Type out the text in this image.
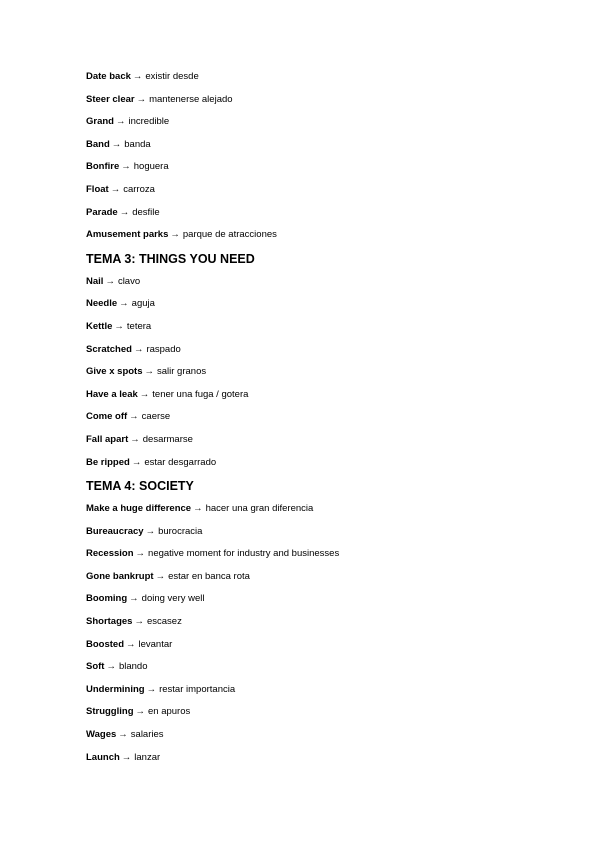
Date back → existir desde
Steer clear → mantenerse alejado
Grand → incredible
Band → banda
Bonfire → hoguera
Float → carroza
Parade → desfile
Amusement parks → parque de atracciones
TEMA 3: THINGS YOU NEED
Nail → clavo
Needle → aguja
Kettle → tetera
Scratched → raspado
Give x spots → salir granos
Have a leak → tener una fuga / gotera
Come off → caerse
Fall apart → desarmarse
Be ripped → estar desgarrado
TEMA 4: SOCIETY
Make a huge difference → hacer una gran diferencia
Bureaucracy → burocracia
Recession → negative moment for industry and businesses
Gone bankrupt → estar en banca rota
Booming → doing very well
Shortages → escasez
Boosted → levantar
Soft → blando
Undermining → restar importancia
Struggling → en apuros
Wages → salaries
Launch → lanzar
